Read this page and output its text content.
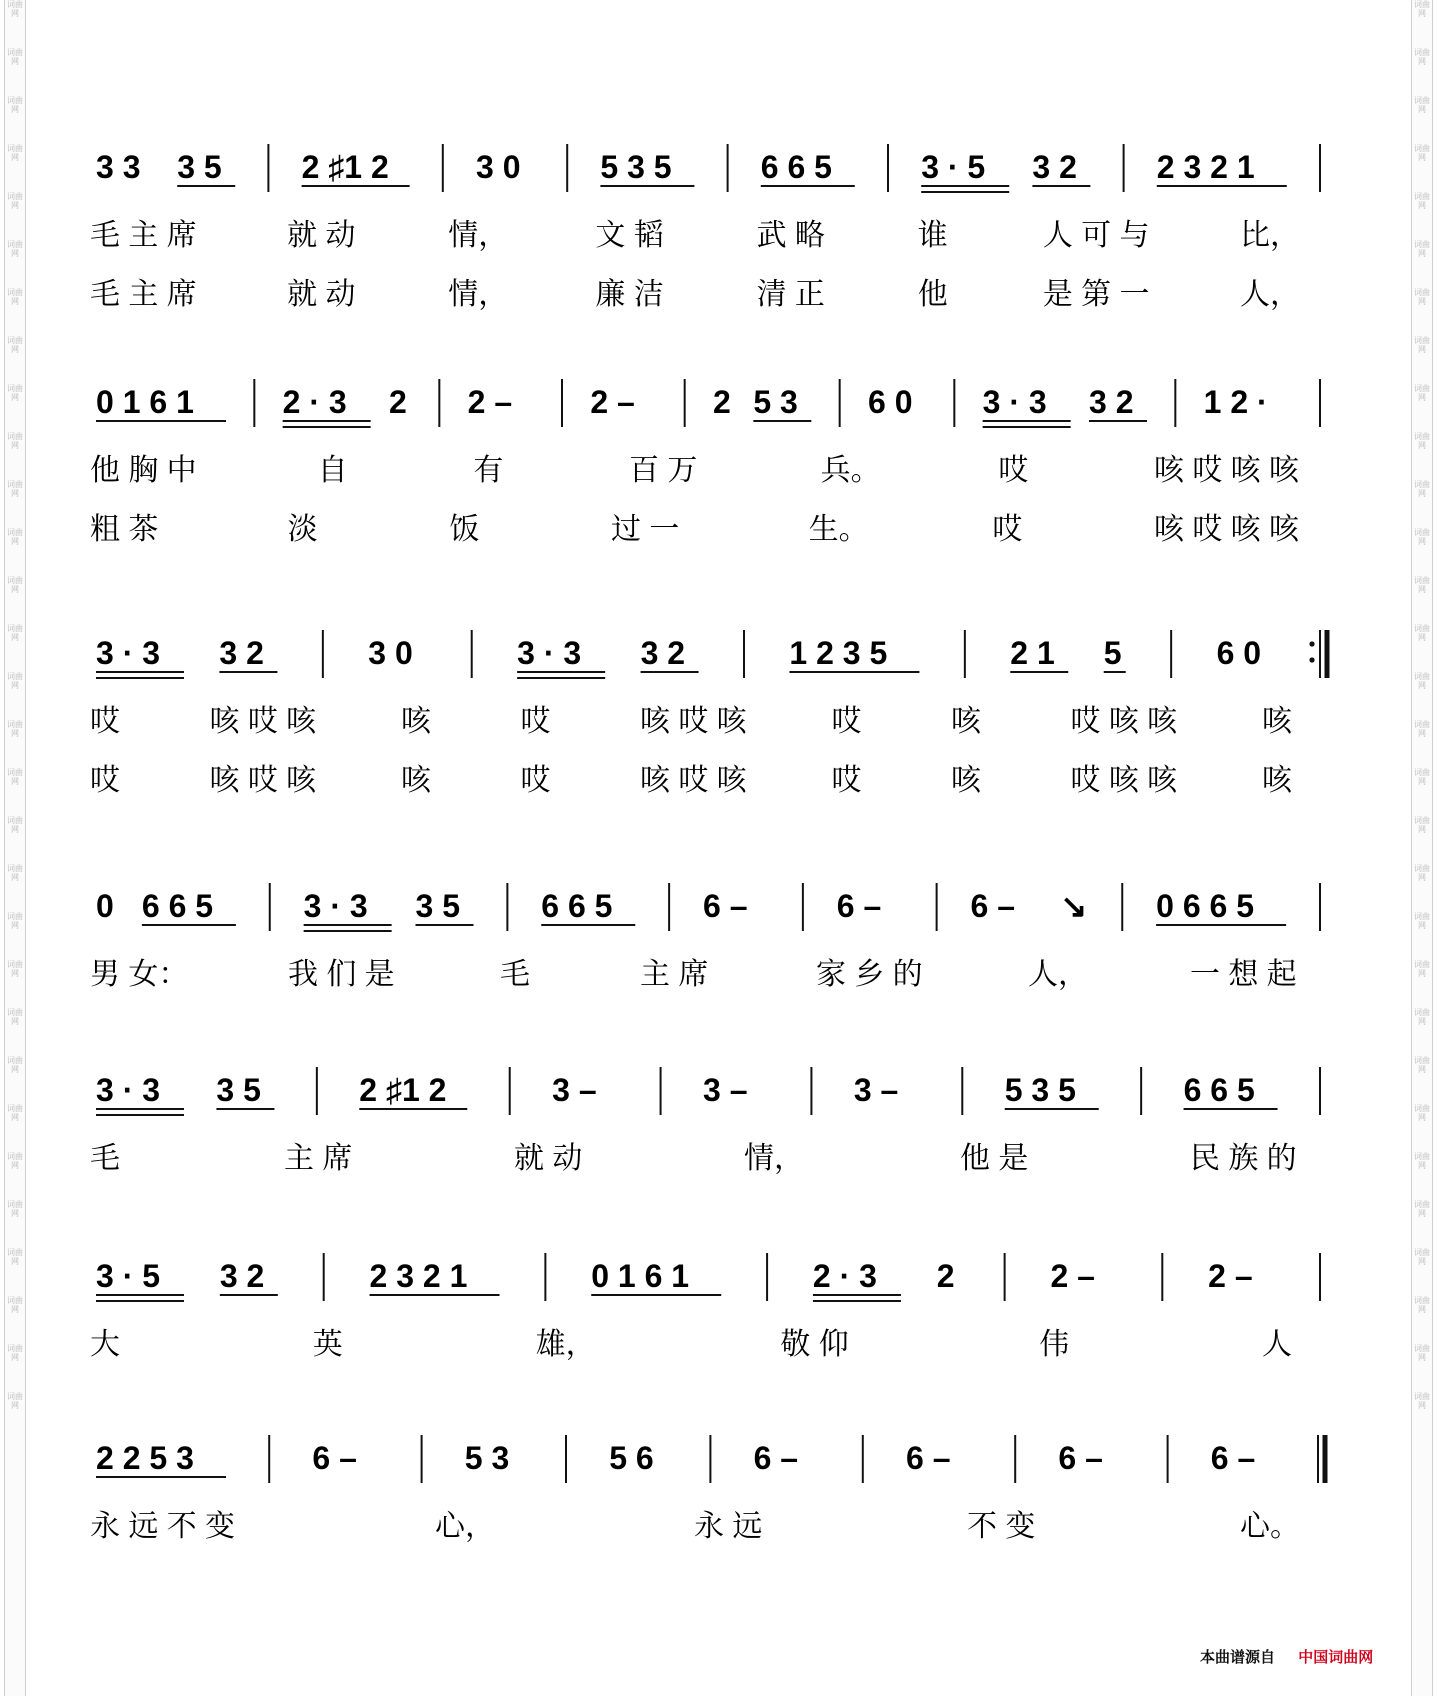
词曲网
词曲网
词曲网
词曲网
词曲网
词曲网
词曲网
词曲网
词曲网
词曲网
词曲网
词曲网
词曲网
词曲网
词曲网
词曲网
词曲网
词曲网
词曲网
词曲网
词曲网
词曲网
词曲网
词曲网
词曲网
词曲网
词曲网
词曲网
词曲网
词曲网
词曲网
词曲网
词曲网
词曲网
词曲网
词曲网
词曲网
词曲网
词曲网
词曲网
词曲网
词曲网
词曲网
词曲网
词曲网
词曲网
词曲网
词曲网
词曲网
词曲网
词曲网
词曲网
词曲网
词曲网
词曲网
词曲网
词曲网
词曲网
词曲网
词曲网
3 3 3 5 2 ♯1 2	3 0 5 3 5	6 6 5	3 · 5 3 2 2 3 2 1
毛 主 席	就 动	情，	文 韬	武 略	谁	人 可 与	比，
毛 主 席	就 动	情，	廉 洁	清 正	他	是 第 一	人，
0 1 6 1	2 · 3 2 2 – 2 – 2 5 3 6 0 3 · 3 3 2 1 2 ·
他 胸 中	自	有	百 万	兵。	哎	咳 哎 咳 咳
粗 茶	淡	饭	过 一	生。	哎	咳 哎 咳 咳
3 · 3 3 2	3 0	3 · 3 3 2	1 2 3 5	2 1 5	6 0
哎	咳 哎 咳	咳	哎	咳 哎 咳	哎	咳	哎 咳 咳	咳
哎	咳 哎 咳	咳	哎	咳 哎 咳	哎	咳	哎 咳 咳	咳
0 6 6 5	3 · 3 3 5	6 6 5	6 –	6 –	6 – ↘ 0 6 6 5
男 女：	我 们 是	毛	主 席	家 乡 的	人，	一 想 起
3 · 3 3 5	2 ♯1 2	3 –	3 –	3 –	5 3 5	6 6 5
毛	主 席	就 动	情，	他 是	民 族 的
3 · 5 3 2	2 3 2 1	0 1 6 1	2 · 3 2	2 –	2 –
大	英	雄，	敬 仰	伟	人
2 2 5 3	6 –	5 3	5 6	6 –	6 –	6 –	6 –
永 远 不 变	心，	永 远	不 变	心。
本曲谱源自 中国词曲网
